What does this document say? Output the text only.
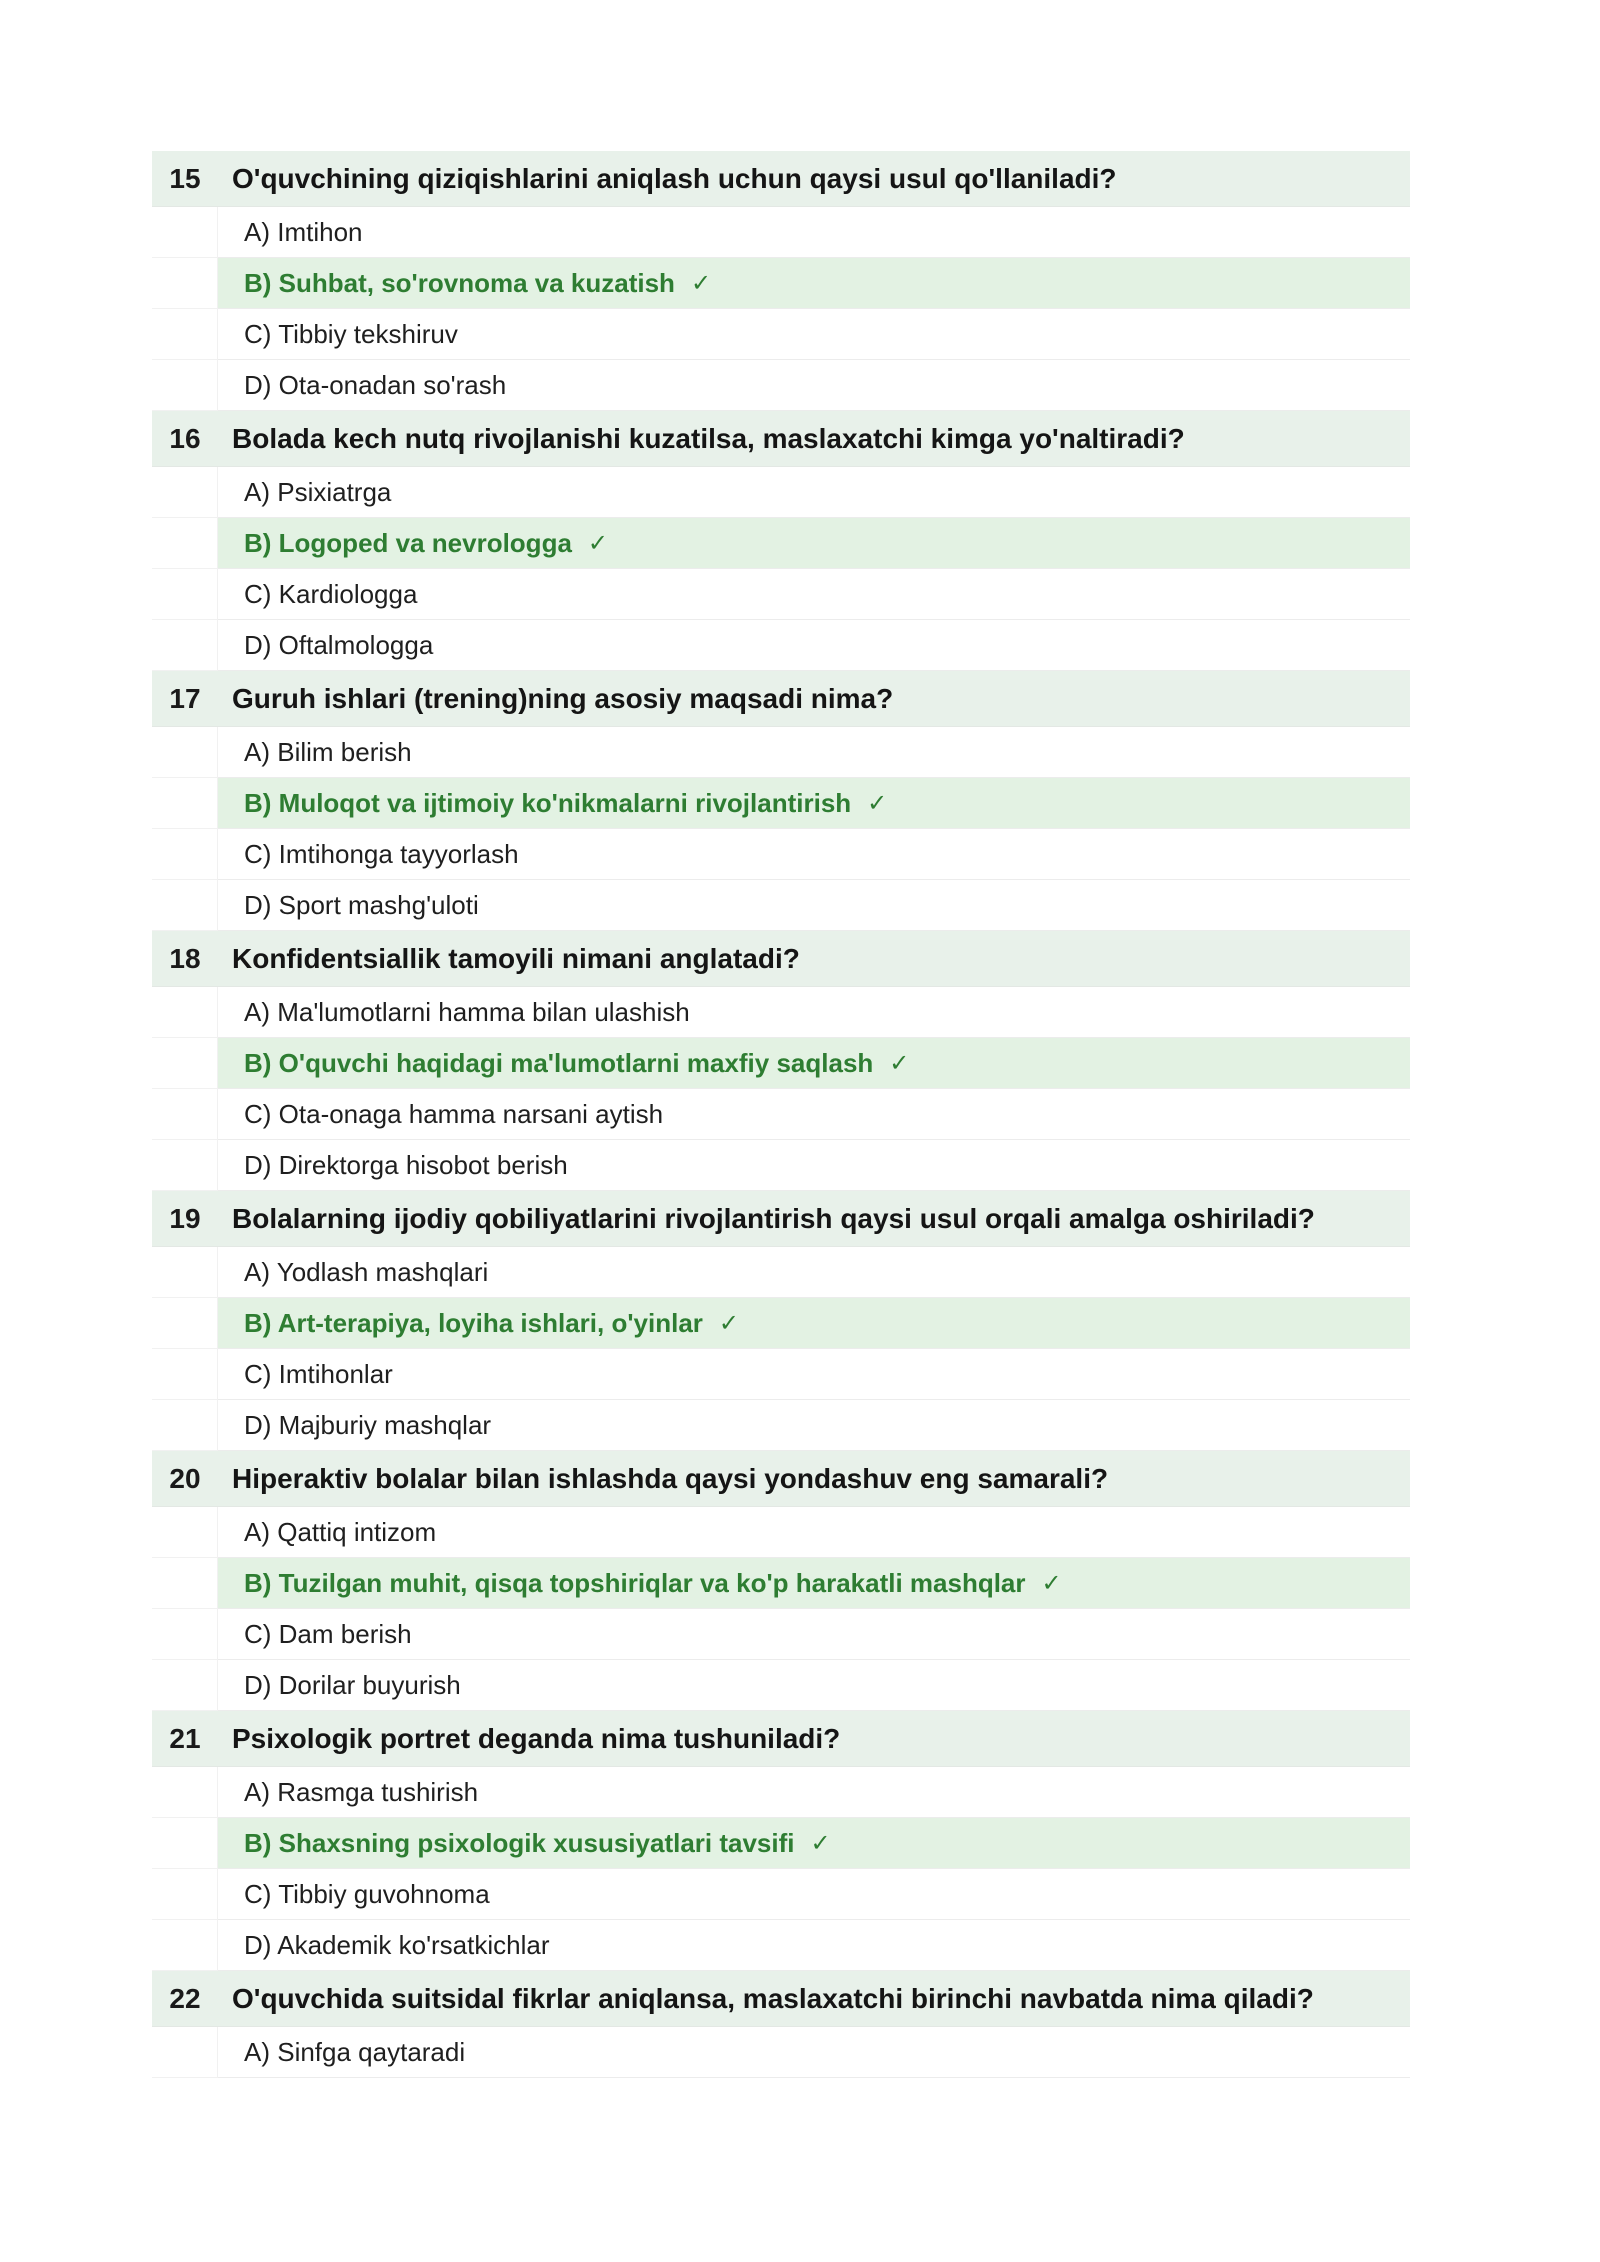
15	O'quvchining qiziqishlarini aniqlash uchun qaysi usul qo'llaniladi?
A) Imtihon
B) Suhbat, so'rovnoma va kuzatish ✓
C) Tibbiy tekshiruv
D) Ota-onadan so'rash
16	Bolada kech nutq rivojlanishi kuzatilsa, maslaxatchi kimga yo'naltiradi?
A) Psixiatrga
B) Logoped va nevrologga ✓
C) Kardiologga
D) Oftalmologga
17	Guruh ishlari (trening)ning asosiy maqsadi nima?
A) Bilim berish
B) Muloqot va ijtimoiy ko'nikmalarni rivojlantirish ✓
C) Imtihonga tayyorlash
D) Sport mashg'uloti
18	Konfidentsiallik tamoyili nimani anglatadi?
A) Ma'lumotlarni hamma bilan ulashish
B) O'quvchi haqidagi ma'lumotlarni maxfiy saqlash ✓
C) Ota-onaga hamma narsani aytish
D) Direktorga hisobot berish
19	Bolalarning ijodiy qobiliyatlarini rivojlantirish qaysi usul orqali amalga oshiriladi?
A) Yodlash mashqlari
B) Art-terapiya, loyiha ishlari, o'yinlar ✓
C) Imtihonlar
D) Majburiy mashqlar
20	Hiperaktiv bolalar bilan ishlashda qaysi yondashuv eng samarali?
A) Qattiq intizom
B) Tuzilgan muhit, qisqa topshiriqlar va ko'p harakatli mashqlar ✓
C) Dam berish
D) Dorilar buyurish
21	Psixologik portret deganda nima tushuniladi?
A) Rasmga tushirish
B) Shaxsning psixologik xususiyatlari tavsifi ✓
C) Tibbiy guvohnoma
D) Akademik ko'rsatkichlar
22	O'quvchida suitsidal fikrlar aniqlansa, maslaxatchi birinchi navbatda nima qiladi?
A) Sinfga qaytaradi
